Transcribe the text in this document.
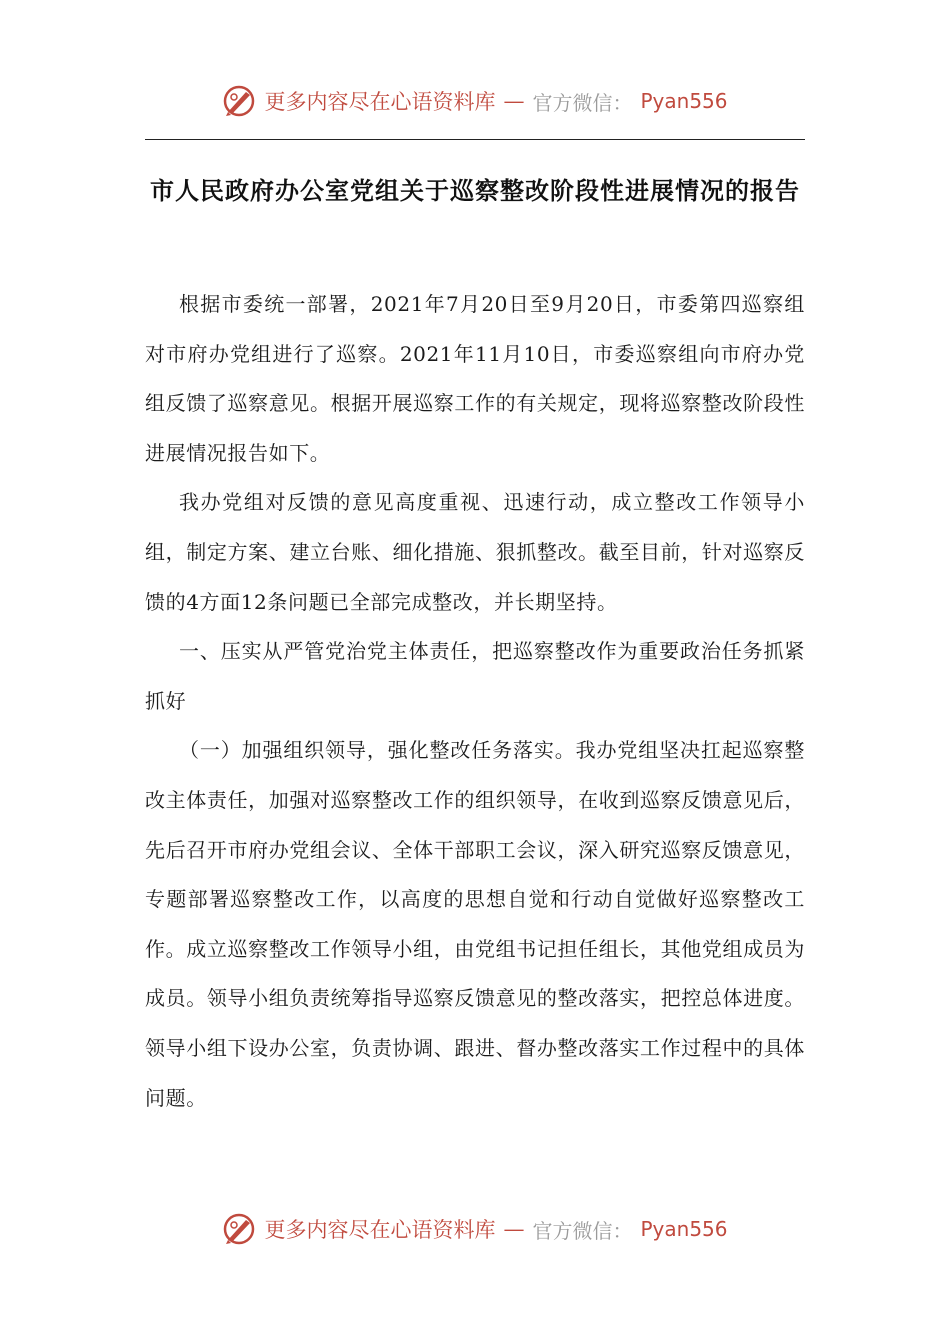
更多内容尽在心语资料库 — 官方微信： Pyan556
市人民政府办公室党组关于巡察整改阶段性进展情况的报告

根据市委统一部署，2021年7月20日至9月20日，市委第四巡察组对市府办党组进行了巡察。2021年11月10日，市委巡察组向市府办党组反馈了巡察意见。根据开展巡察工作的有关规定，现将巡察整改阶段性进展情况报告如下。

我办党组对反馈的意见高度重视、迅速行动，成立整改工作领导小组，制定方案、建立台账、细化措施、狠抓整改。截至目前，针对巡察反馈的4方面12条问题已全部完成整改，并长期坚持。

一、压实从严管党治党主体责任，把巡察整改作为重要政治任务抓紧抓好

（一）加强组织领导，强化整改任务落实。我办党组坚决扛起巡察整改主体责任，加强对巡察整改工作的组织领导，在收到巡察反馈意见后，先后召开市府办党组会议、全体干部职工会议，深入研究巡察反馈意见，专题部署巡察整改工作，以高度的思想自觉和行动自觉做好巡察整改工作。成立巡察整改工作领导小组，由党组书记担任组长，其他党组成员为成员。领导小组负责统筹指导巡察反馈意见的整改落实，把控总体进度。领导小组下设办公室，负责协调、跟进、督办整改落实工作过程中的具体问题。

更多内容尽在心语资料库 — 官方微信： Pyan556
